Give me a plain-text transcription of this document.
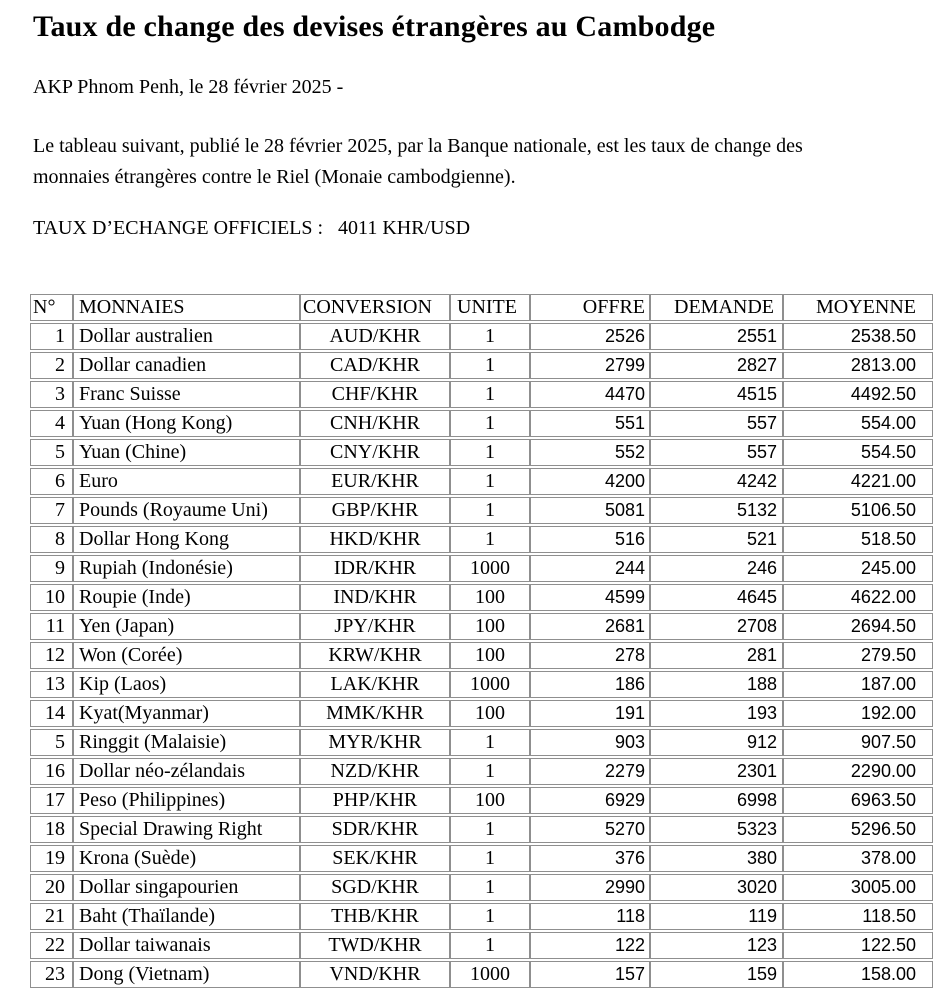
Taux de change des devises étrangères au Cambodge

AKP Phnom Penh, le 28 février 2025 -

Le tableau suivant, publié le 28 février 2025, par la Banque nationale, est les taux de change des
monnaies étrangères contre le Riel (Monaie cambodgienne).

TAUX D’ECHANGE OFFICIELS :   4011 KHR/USD

N°	MONNAIES	CONVERSION	UNITE	OFFRE	DEMANDE	MOYENNE
1	Dollar australien	AUD/KHR	1	2526	2551	2538.50
2	Dollar canadien	CAD/KHR	1	2799	2827	2813.00
3	Franc Suisse	CHF/KHR	1	4470	4515	4492.50
4	Yuan (Hong Kong)	CNH/KHR	1	551	557	554.00
5	Yuan (Chine)	CNY/KHR	1	552	557	554.50
6	Euro	EUR/KHR	1	4200	4242	4221.00
7	Pounds (Royaume Uni)	GBP/KHR	1	5081	5132	5106.50
8	Dollar Hong Kong	HKD/KHR	1	516	521	518.50
9	Rupiah (Indonésie)	IDR/KHR	1000	244	246	245.00
10	Roupie (Inde)	IND/KHR	100	4599	4645	4622.00
11	Yen (Japan)	JPY/KHR	100	2681	2708	2694.50
12	Won (Corée)	KRW/KHR	100	278	281	279.50
13	Kip (Laos)	LAK/KHR	1000	186	188	187.00
14	Kyat(Myanmar)	MMK/KHR	100	191	193	192.00
5	Ringgit (Malaisie)	MYR/KHR	1	903	912	907.50
16	Dollar néo-zélandais	NZD/KHR	1	2279	2301	2290.00
17	Peso (Philippines)	PHP/KHR	100	6929	6998	6963.50
18	Special Drawing Right	SDR/KHR	1	5270	5323	5296.50
19	Krona (Suède)	SEK/KHR	1	376	380	378.00
20	Dollar singapourien	SGD/KHR	1	2990	3020	3005.00
21	Baht (Thaïlande)	THB/KHR	1	118	119	118.50
22	Dollar taiwanais	TWD/KHR	1	122	123	122.50
23	Dong (Vietnam)	VND/KHR	1000	157	159	158.00
